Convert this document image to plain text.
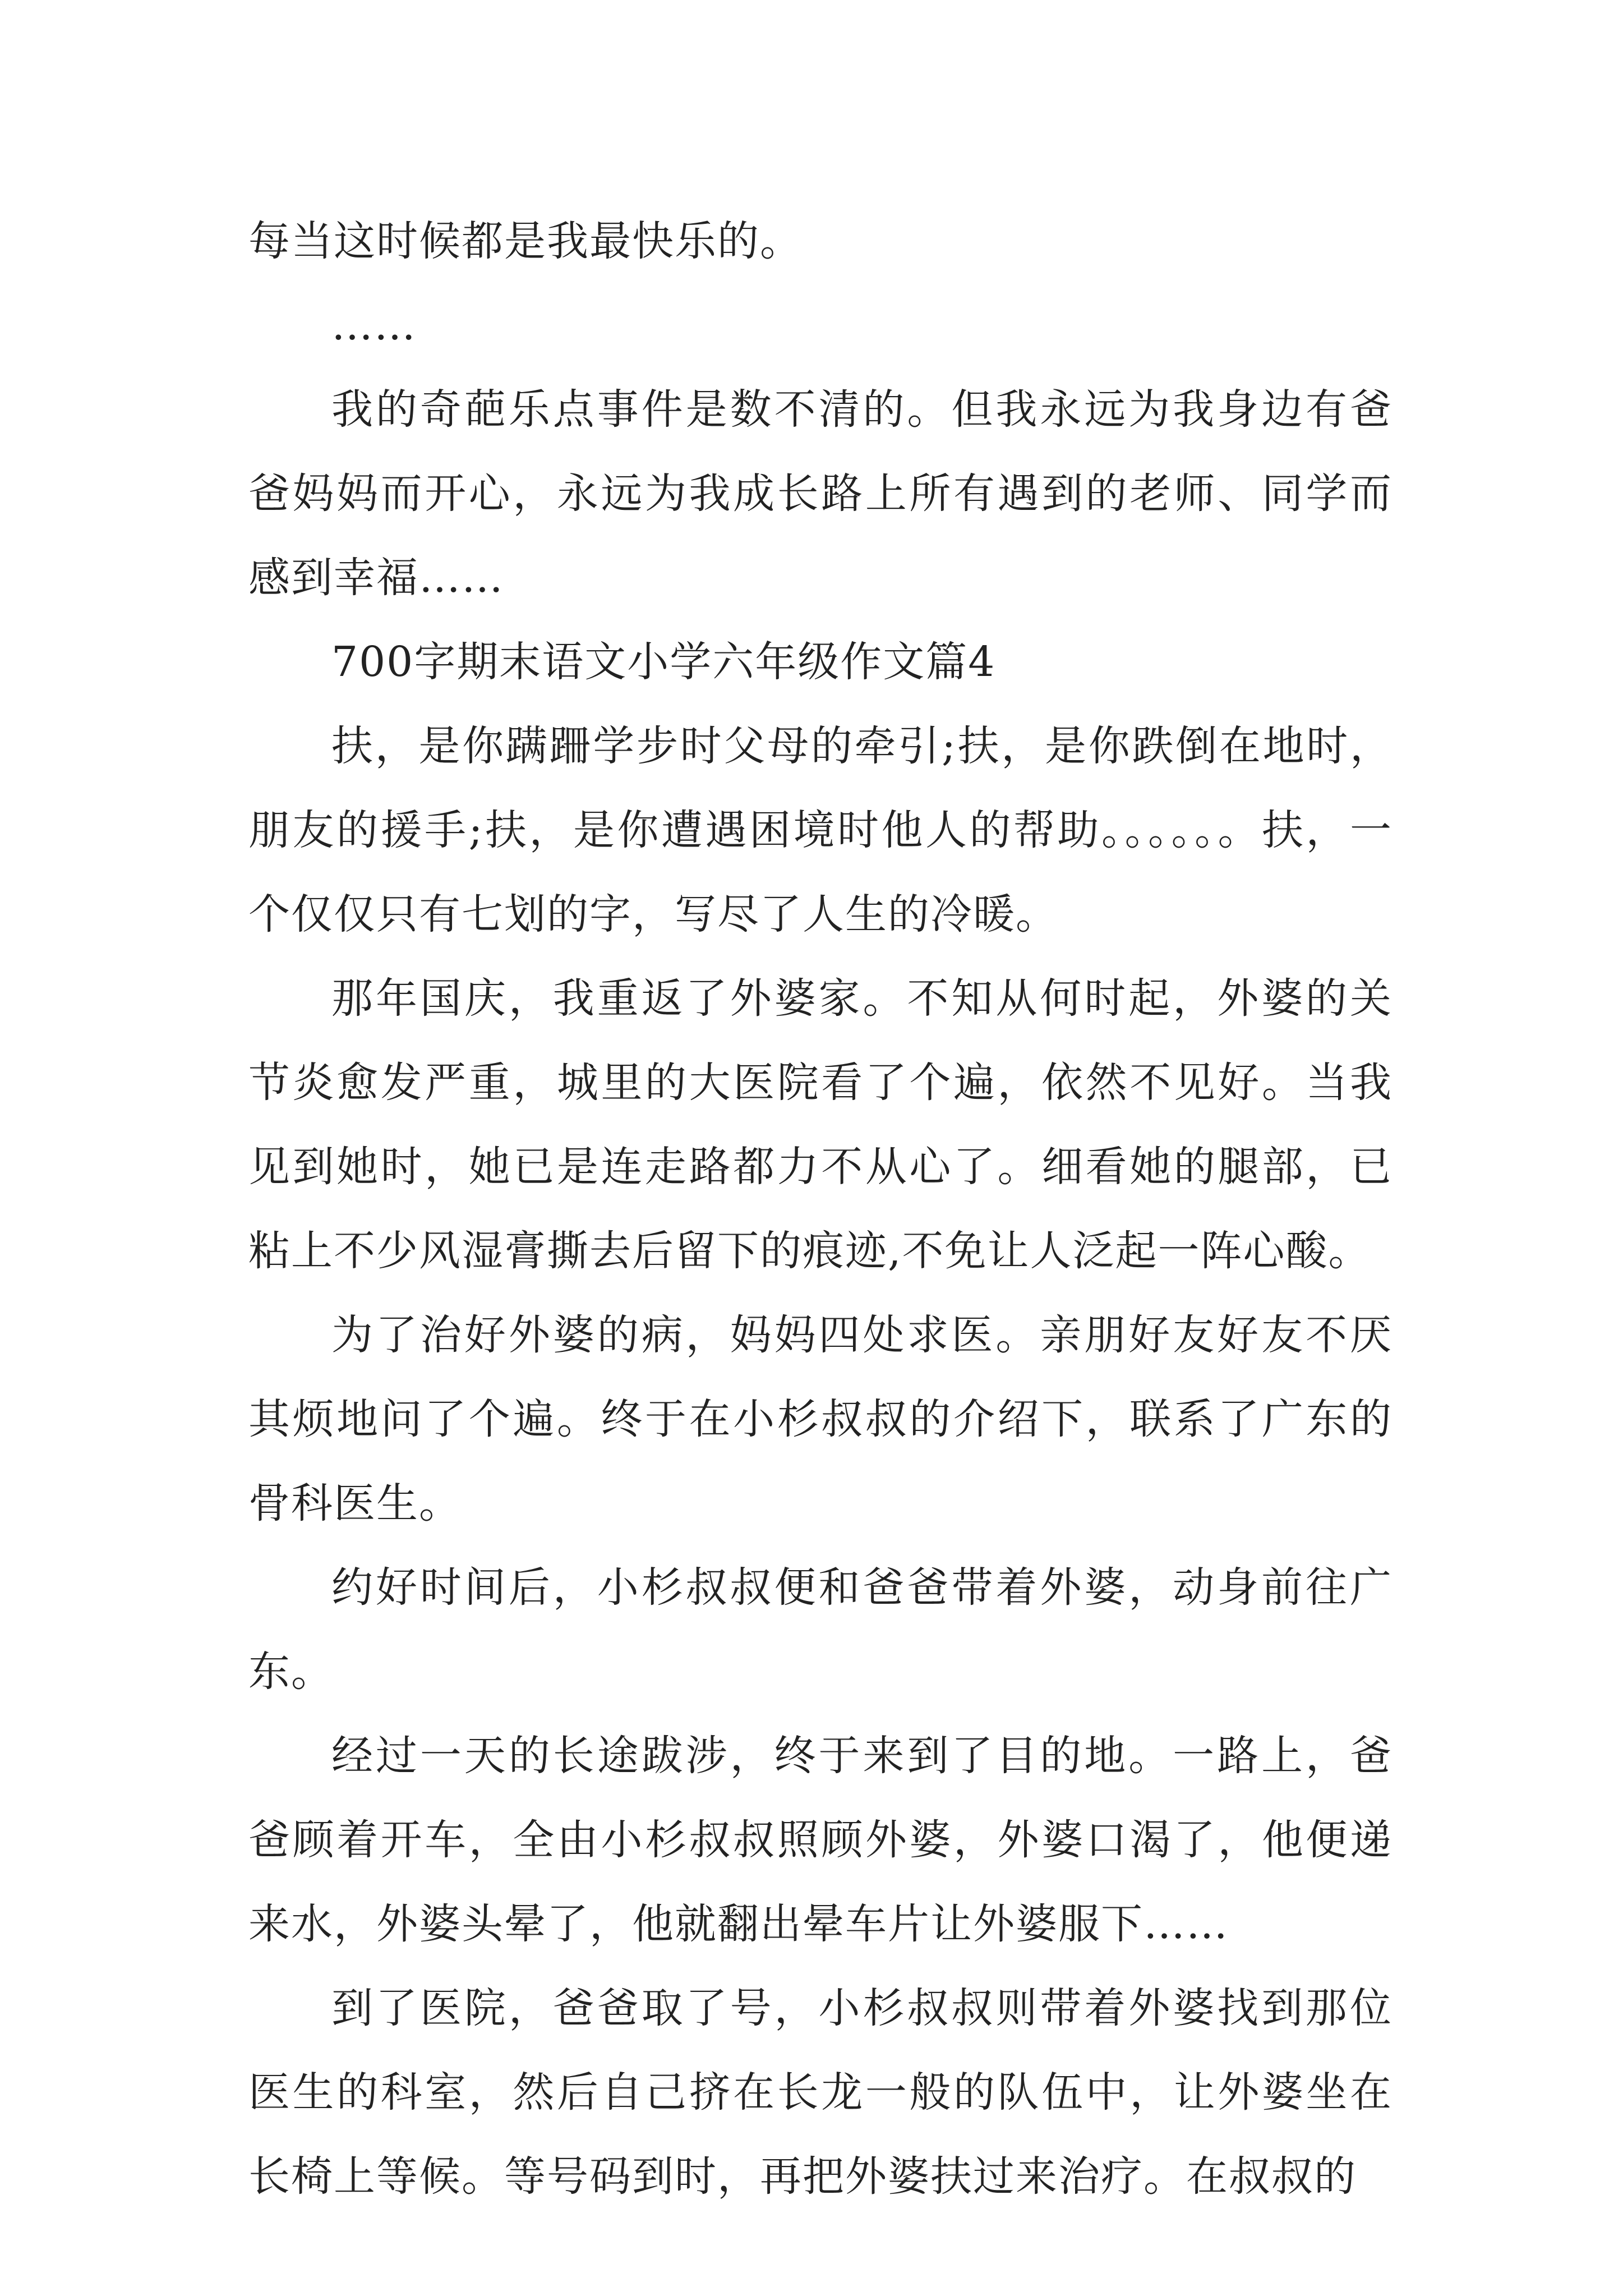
每当这时候都是我最快乐的。

……

我的奇葩乐点事件是数不清的。但我永远为我身边有爸爸妈妈而开心，永远为我成长路上所有遇到的老师、同学而感到幸福……

700字期末语文小学六年级作文篇4

扶，是你蹒跚学步时父母的牵引;扶，是你跌倒在地时，朋友的援手;扶，是你遭遇困境时他人的帮助。。。。。。扶，一个仅仅只有七划的字，写尽了人生的冷暖。

那年国庆，我重返了外婆家。不知从何时起，外婆的关节炎愈发严重，城里的大医院看了个遍，依然不见好。当我见到她时，她已是连走路都力不从心了。细看她的腿部，已粘上不少风湿膏撕去后留下的痕迹,不免让人泛起一阵心酸。

为了治好外婆的病，妈妈四处求医。亲朋好友好友不厌其烦地问了个遍。终于在小杉叔叔的介绍下，联系了广东的骨科医生。

约好时间后，小杉叔叔便和爸爸带着外婆，动身前往广东。

经过一天的长途跋涉，终于来到了目的地。一路上，爸爸顾着开车，全由小杉叔叔照顾外婆，外婆口渴了，他便递来水，外婆头晕了，他就翻出晕车片让外婆服下……

到了医院，爸爸取了号，小杉叔叔则带着外婆找到那位医生的科室，然后自己挤在长龙一般的队伍中，让外婆坐在长椅上等候。等号码到时，再把外婆扶过来治疗。在叔叔的
